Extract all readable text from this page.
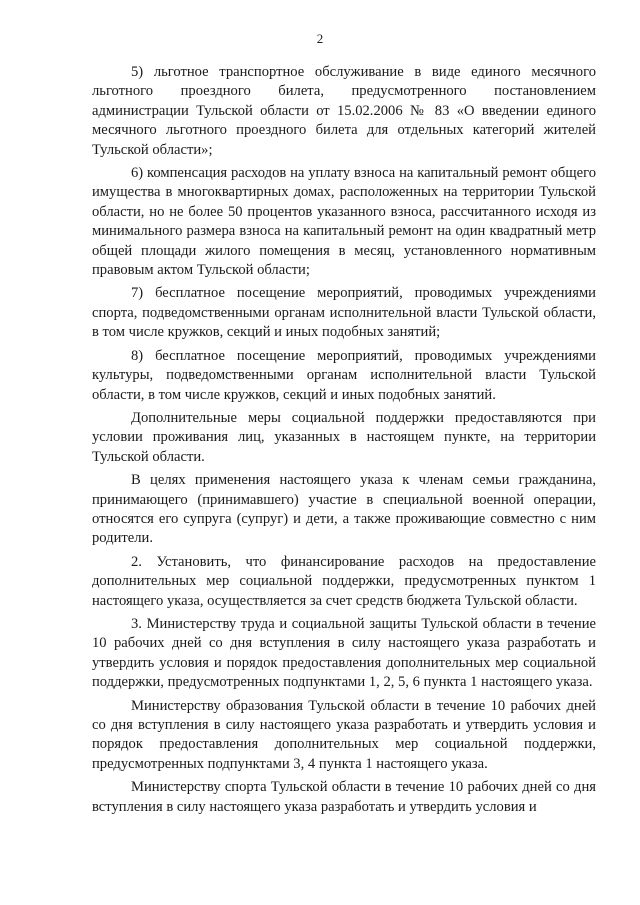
2

5) льготное транспортное обслуживание в виде единого месячного льготного проездного билета, предусмотренного постановлением администрации Тульской области от 15.02.2006 № 83 «О введении единого месячного льготного проездного билета для отдельных категорий жителей Тульской области»;

6) компенсация расходов на уплату взноса на капитальный ремонт общего имущества в многоквартирных домах, расположенных на территории Тульской области, но не более 50 процентов указанного взноса, рассчитанного исходя из минимального размера взноса на капитальный ремонт на один квадратный метр общей площади жилого помещения в месяц, установленного нормативным правовым актом Тульской области;

7) бесплатное посещение мероприятий, проводимых учреждениями спорта, подведомственными органам исполнительной власти Тульской области, в том числе кружков, секций и иных подобных занятий;

8) бесплатное посещение мероприятий, проводимых учреждениями культуры, подведомственными органам исполнительной власти Тульской области, в том числе кружков, секций и иных подобных занятий.

Дополнительные меры социальной поддержки предоставляются при условии проживания лиц, указанных в настоящем пункте, на территории Тульской области.

В целях применения настоящего указа к членам семьи гражданина, принимающего (принимавшего) участие в специальной военной операции, относятся его супруга (супруг) и дети, а также проживающие совместно с ним родители.

2. Установить, что финансирование расходов на предоставление дополнительных мер социальной поддержки, предусмотренных пунктом 1 настоящего указа, осуществляется за счет средств бюджета Тульской области.

3. Министерству труда и социальной защиты Тульской области в течение 10 рабочих дней со дня вступления в силу настоящего указа разработать и утвердить условия и порядок предоставления дополнительных мер социальной поддержки, предусмотренных подпунктами 1, 2, 5, 6 пункта 1 настоящего указа.

Министерству образования Тульской области в течение 10 рабочих дней со дня вступления в силу настоящего указа разработать и утвердить условия и порядок предоставления дополнительных мер социальной поддержки, предусмотренных подпунктами 3, 4 пункта 1 настоящего указа.

Министерству спорта Тульской области в течение 10 рабочих дней со дня вступления в силу настоящего указа разработать и утвердить условия и
